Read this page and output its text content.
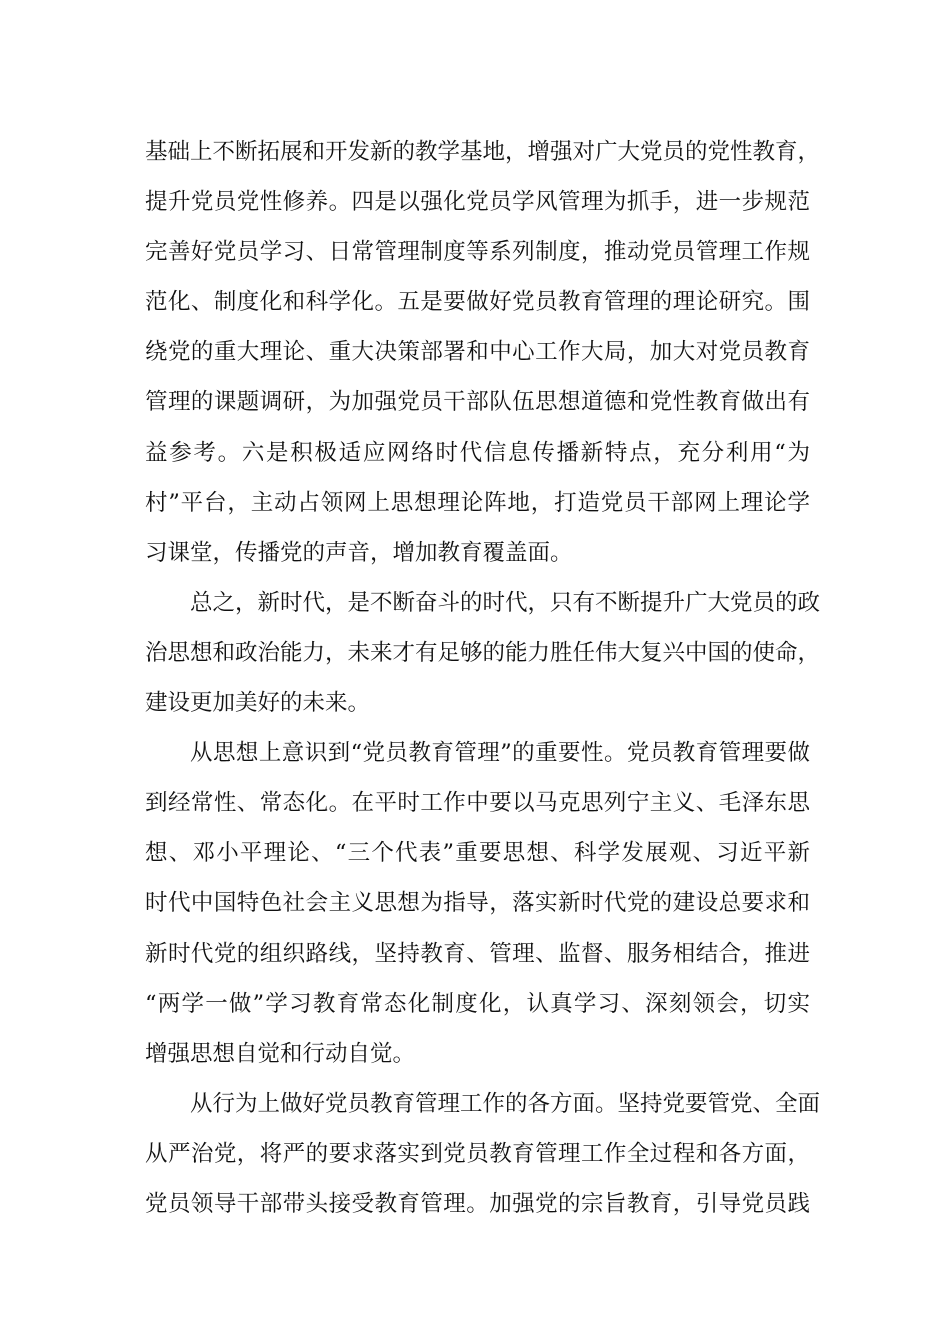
基础上不断拓展和开发新的教学基地，增强对广大党员的党性教育，
提升党员党性修养。四是以强化党员学风管理为抓手，进一步规范
完善好党员学习、日常管理制度等系列制度，推动党员管理工作规
范化、制度化和科学化。五是要做好党员教育管理的理论研究。围
绕党的重大理论、重大决策部署和中心工作大局，加大对党员教育
管理的课题调研，为加强党员干部队伍思想道德和党性教育做出有
益参考。六是积极适应网络时代信息传播新特点，充分利用“为
村”平台，主动占领网上思想理论阵地，打造党员干部网上理论学
习课堂，传播党的声音，增加教育覆盖面。

总之，新时代，是不断奋斗的时代，只有不断提升广大党员的政
治思想和政治能力，未来才有足够的能力胜任伟大复兴中国的使命，
建设更加美好的未来。

从思想上意识到“党员教育管理”的重要性。党员教育管理要做
到经常性、常态化。在平时工作中要以马克思列宁主义、毛泽东思
想、邓小平理论、“三个代表”重要思想、科学发展观、习近平新
时代中国特色社会主义思想为指导，落实新时代党的建设总要求和
新时代党的组织路线，坚持教育、管理、监督、服务相结合，推进
“两学一做”学习教育常态化制度化，认真学习、深刻领会，切实
增强思想自觉和行动自觉。

从行为上做好党员教育管理工作的各方面。坚持党要管党、全面
从严治党，将严的要求落实到党员教育管理工作全过程和各方面，
党员领导干部带头接受教育管理。加强党的宗旨教育，引导党员践
